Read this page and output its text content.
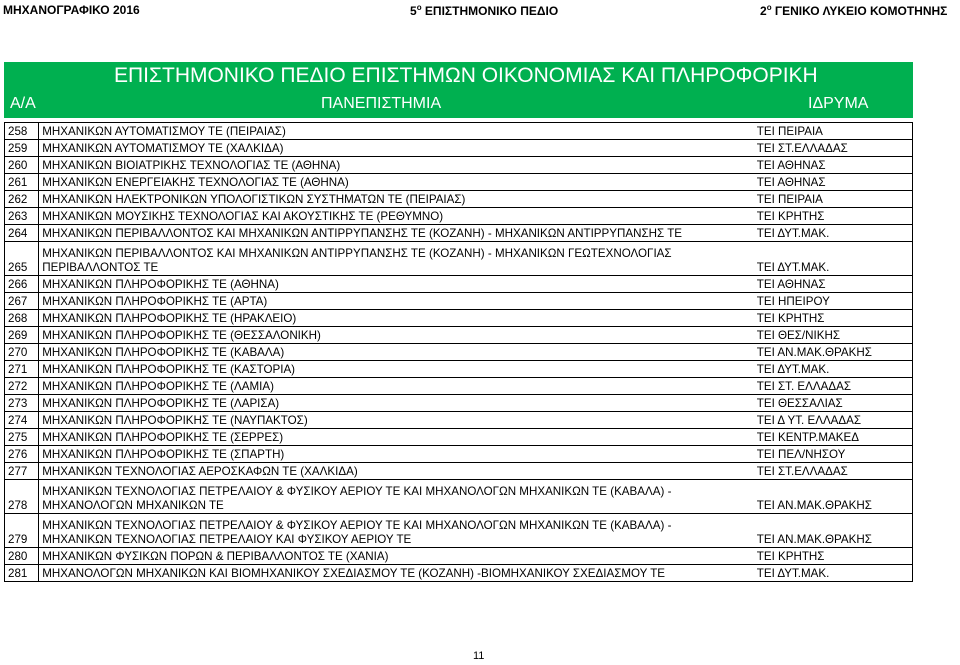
ΜΗΧΑΝΟΓΡΑΦΙΚΟ 2016	$5^o$ ΕΠΙΣΤΗΜΟΝΙΚΟ ΠΕΔΙΟ	$2^o$ ΓΕΝΙΚΟ ΛΥΚΕΙΟ ΚΟΜΟΤΗΝΗΣ
ΕΠΙΣΤΗΜΟΝΙΚΟ ΠΕΔΙΟ ΕΠΙΣΤΗΜΩΝ ΟΙΚΟΝΟΜΙΑΣ ΚΑΙ ΠΛΗΡΟΦΟΡΙΚΗ
Α/Α	ΠΑΝΕΠΙΣΤΗΜΙΑ	ΙΔΡΥΜΑ
258	ΜΗΧΑΝΙΚΩΝ ΑΥΤΟΜΑΤΙΣΜΟΥ ΤΕ (ΠΕΙΡΑΙΑΣ)	ΤΕΙ ΠΕΙΡΑΙΑ
259	ΜΗΧΑΝΙΚΩΝ ΑΥΤΟΜΑΤΙΣΜΟΥ ΤΕ (ΧΑΛΚΙΔΑ)	ΤΕΙ ΣΤ.ΕΛΛΑΔΑΣ
260	ΜΗΧΑΝΙΚΩΝ ΒΙΟΙΑΤΡΙΚΗΣ ΤΕΧΝΟΛΟΓΙΑΣ ΤΕ (ΑΘΗΝΑ)	ΤΕΙ ΑΘΗΝΑΣ
261	ΜΗΧΑΝΙΚΩΝ ΕΝΕΡΓΕΙΑΚΗΣ ΤΕΧΝΟΛΟΓΙΑΣ ΤΕ (ΑΘΗΝΑ)	ΤΕΙ ΑΘΗΝΑΣ
262	ΜΗΧΑΝΙΚΩΝ ΗΛΕΚΤΡΟΝΙΚΩΝ ΥΠΟΛΟΓΙΣΤΙΚΩΝ ΣΥΣΤΗΜΑΤΩΝ ΤΕ (ΠΕΙΡΑΙΑΣ)	ΤΕΙ ΠΕΙΡΑΙΑ
263	ΜΗΧΑΝΙΚΩΝ ΜΟΥΣΙΚΗΣ ΤΕΧΝΟΛΟΓΙΑΣ ΚΑΙ ΑΚΟΥΣΤΙΚΗΣ ΤΕ (ΡΕΘΥΜΝΟ)	ΤΕΙ ΚΡΗΤΗΣ
264	ΜΗΧΑΝΙΚΩΝ ΠΕΡΙΒΑΛΛΟΝΤΟΣ ΚΑΙ ΜΗΧΑΝΙΚΩΝ ΑΝΤΙΡΡΥΠΑΝΣΗΣ ΤΕ (ΚΟΖΑΝΗ) - ΜΗΧΑΝΙΚΩΝ ΑΝΤΙΡΡΥΠΑΝΣΗΣ ΤΕ	ΤΕΙ ΔΥΤ.ΜΑΚ.
265	ΜΗΧΑΝΙΚΩΝ ΠΕΡΙΒΑΛΛΟΝΤΟΣ ΚΑΙ ΜΗΧΑΝΙΚΩΝ ΑΝΤΙΡΡΥΠΑΝΣΗΣ ΤΕ (ΚΟΖΑΝΗ) - ΜΗΧΑΝΙΚΩΝ ΓΕΩΤΕΧΝΟΛΟΓΙΑΣ
ΠΕΡΙΒΑΛΛΟΝΤΟΣ ΤΕ	ΤΕΙ ΔΥΤ.ΜΑΚ.
266	ΜΗΧΑΝΙΚΩΝ ΠΛΗΡΟΦΟΡΙΚΗΣ ΤΕ (ΑΘΗΝΑ)	ΤΕΙ ΑΘΗΝΑΣ
267	ΜΗΧΑΝΙΚΩΝ ΠΛΗΡΟΦΟΡΙΚΗΣ ΤΕ (ΑΡΤΑ)	ΤΕΙ ΗΠΕΙΡΟΥ
268	ΜΗΧΑΝΙΚΩΝ ΠΛΗΡΟΦΟΡΙΚΗΣ ΤΕ (ΗΡΑΚΛΕΙΟ)	ΤΕΙ ΚΡΗΤΗΣ
269	ΜΗΧΑΝΙΚΩΝ ΠΛΗΡΟΦΟΡΙΚΗΣ ΤΕ (ΘΕΣΣΑΛΟΝΙΚΗ)	ΤΕΙ ΘΕΣ/ΝΙΚΗΣ
270	ΜΗΧΑΝΙΚΩΝ ΠΛΗΡΟΦΟΡΙΚΗΣ ΤΕ (ΚΑΒΑΛΑ)	ΤΕΙ ΑΝ.ΜΑΚ.ΘΡΑΚΗΣ
271	ΜΗΧΑΝΙΚΩΝ ΠΛΗΡΟΦΟΡΙΚΗΣ ΤΕ (ΚΑΣΤΟΡΙΑ)	ΤΕΙ ΔΥΤ.ΜΑΚ.
272	ΜΗΧΑΝΙΚΩΝ ΠΛΗΡΟΦΟΡΙΚΗΣ ΤΕ (ΛΑΜΙΑ)	ΤΕΙ ΣΤ. ΕΛΛΑΔΑΣ
273	ΜΗΧΑΝΙΚΩΝ ΠΛΗΡΟΦΟΡΙΚΗΣ ΤΕ (ΛΑΡΙΣΑ)	ΤΕΙ ΘΕΣΣΑΛΙΑΣ
274	ΜΗΧΑΝΙΚΩΝ ΠΛΗΡΟΦΟΡΙΚΗΣ ΤΕ (ΝΑΥΠΑΚΤΟΣ)	ΤΕΙ Δ ΥΤ. ΕΛΛΑΔΑΣ
275	ΜΗΧΑΝΙΚΩΝ ΠΛΗΡΟΦΟΡΙΚΗΣ ΤΕ (ΣΕΡΡΕΣ)	ΤΕΙ ΚΕΝΤΡ.ΜΑΚΕΔ
276	ΜΗΧΑΝΙΚΩΝ ΠΛΗΡΟΦΟΡΙΚΗΣ ΤΕ (ΣΠΑΡΤΗ)	ΤΕΙ ΠΕΛ/ΝΗΣΟΥ
277	ΜΗΧΑΝΙΚΩΝ ΤΕΧΝΟΛΟΓΙΑΣ ΑΕΡΟΣΚΑΦΩΝ ΤΕ (ΧΑΛΚΙΔΑ)	ΤΕΙ ΣΤ.ΕΛΛΑΔΑΣ
278	ΜΗΧΑΝΙΚΩΝ ΤΕΧΝΟΛΟΓΙΑΣ ΠΕΤΡΕΛΑΙΟΥ & ΦΥΣΙΚΟΥ ΑΕΡΙΟΥ ΤΕ ΚΑΙ ΜΗΧΑΝΟΛΟΓΩΝ ΜΗΧΑΝΙΚΩΝ ΤΕ (ΚΑΒΑΛΑ) -
ΜΗΧΑΝΟΛΟΓΩΝ ΜΗΧΑΝΙΚΩΝ ΤΕ	ΤΕΙ ΑΝ.ΜΑΚ.ΘΡΑΚΗΣ
279	ΜΗΧΑΝΙΚΩΝ ΤΕΧΝΟΛΟΓΙΑΣ ΠΕΤΡΕΛΑΙΟΥ & ΦΥΣΙΚΟΥ ΑΕΡΙΟΥ ΤΕ ΚΑΙ ΜΗΧΑΝΟΛΟΓΩΝ ΜΗΧΑΝΙΚΩΝ ΤΕ (ΚΑΒΑΛΑ) -
ΜΗΧΑΝΙΚΩΝ ΤΕΧΝΟΛΟΓΙΑΣ ΠΕΤΡΕΛΑΙΟΥ ΚΑΙ ΦΥΣΙΚΟΥ ΑΕΡΙΟΥ ΤΕ	ΤΕΙ ΑΝ.ΜΑΚ.ΘΡΑΚΗΣ
280	ΜΗΧΑΝΙΚΩΝ ΦΥΣΙΚΩΝ ΠΟΡΩΝ & ΠΕΡΙΒΑΛΛΟΝΤΟΣ ΤΕ (ΧΑΝΙΑ)	ΤΕΙ ΚΡΗΤΗΣ
281	ΜΗΧΑΝΟΛΟΓΩΝ ΜΗΧΑΝΙΚΩΝ ΚΑΙ ΒΙΟΜΗΧΑΝΙΚΟΥ ΣΧΕΔΙΑΣΜΟΥ ΤΕ (ΚΟΖΑΝΗ) -ΒΙΟΜΗΧΑΝΙΚΟΥ ΣΧΕΔΙΑΣΜΟΥ ΤΕ	ΤΕΙ ΔΥΤ.ΜΑΚ.
11
